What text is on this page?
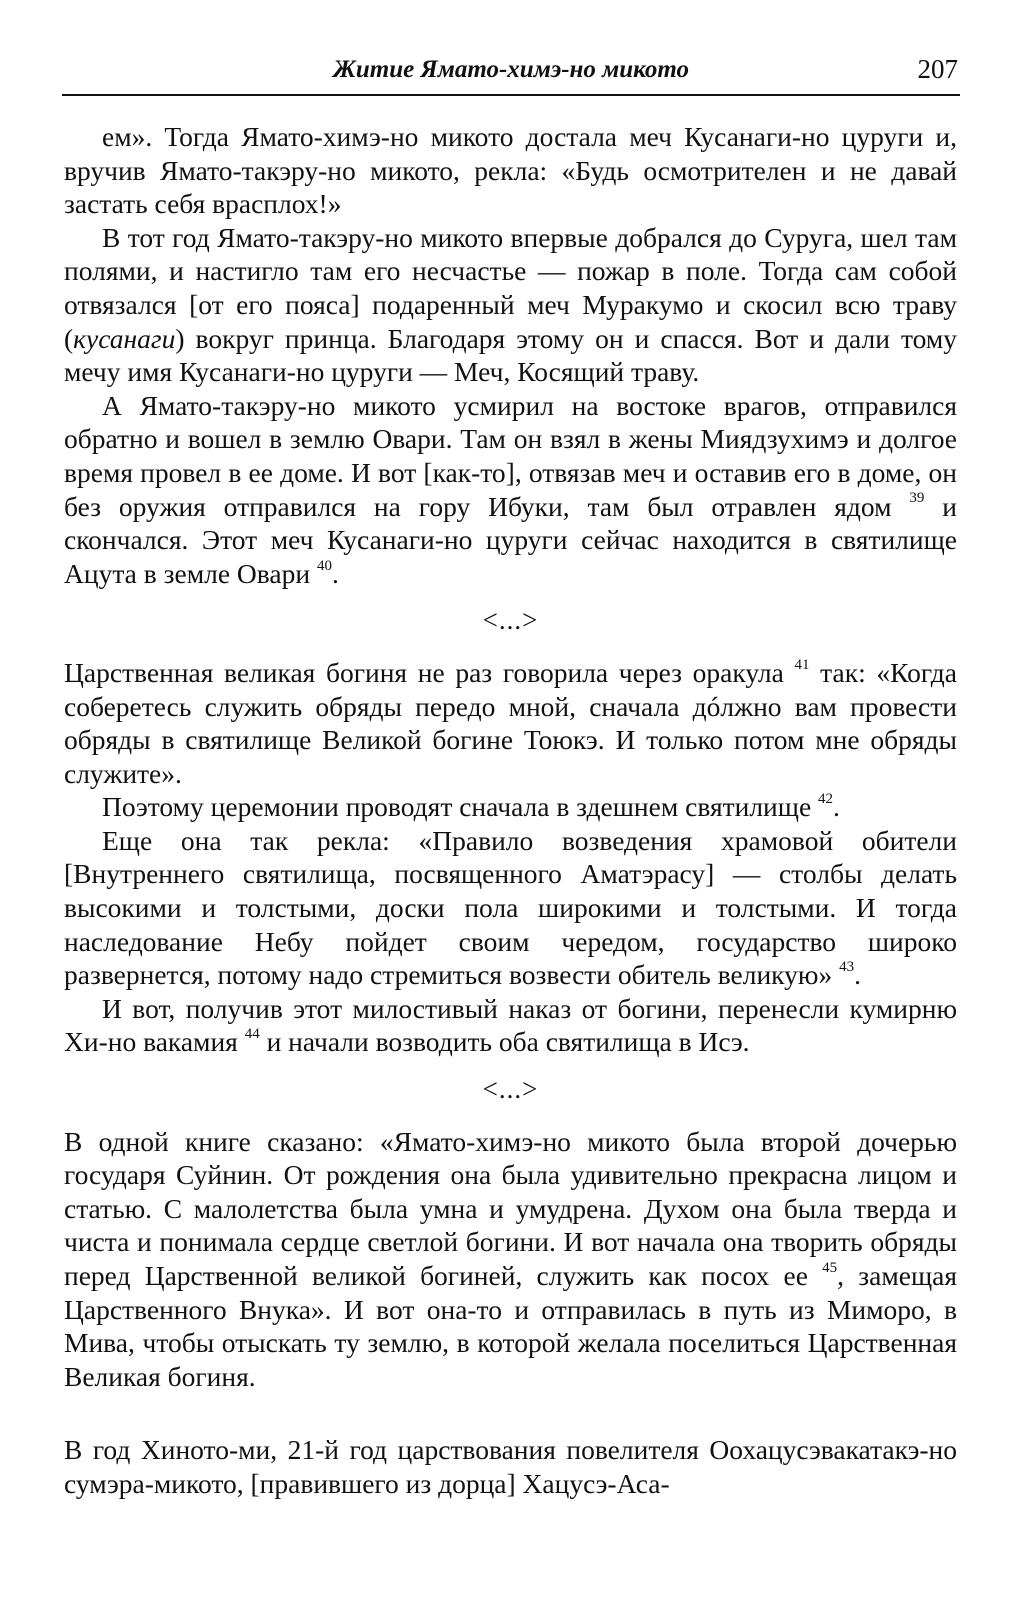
Житие Ямато-химэ-но микото	207

ем». Тогда Ямато-химэ-но микото достала меч Кусанаги-но цуруги и, вручив Ямато-такэру-но микото, рекла: «Будь осмотрителен и не давай застать себя врасплох!»

В тот год Ямато-такэру-но микото впервые добрался до Суруга, шел там полями, и настигло там его несчастье — пожар в поле. Тогда сам собой отвязался [от его пояса] подаренный меч Муракумо и скосил всю траву (кусанаги) вокруг принца. Благодаря этому он и спасся. Вот и дали тому мечу имя Кусанаги-но цуруги — Меч, Косящий траву.

А Ямато-такэру-но микото усмирил на востоке врагов, отправился обратно и вошел в землю Овари. Там он взял в жены Миядзухимэ и долгое время провел в ее доме. И вот [как-то], отвязав меч и оставив его в доме, он без оружия отправился на гору Ибуки, там был отравлен ядом $^{39}$ и скончался. Этот меч Кусанаги-но цуруги сейчас находится в святилище Ацута в земле Овари $^{40}$.

<...>

Царственная великая богиня не раз говорила через оракула $^{41}$ так: «Когда соберетесь служить обряды передо мной, сначала дóлжно вам провести обряды в святилище Великой богине Тоюкэ. И только потом мне обряды служите».

Поэтому церемонии проводят сначала в здешнем святилище $^{42}$.

Еще она так рекла: «Правило возведения храмовой обители [Внутреннего святилища, посвященного Аматэрасу] — столбы делать высокими и толстыми, доски пола широкими и толстыми. И тогда наследование Небу пойдет своим чередом, государство широко развернется, потому надо стремиться возвести обитель великую» $^{43}$.

И вот, получив этот милостивый наказ от богини, перенесли кумирню Хи-но вакамия $^{44}$ и начали возводить оба святилища в Исэ.

<...>

В одной книге сказано: «Ямато-химэ-но микото была второй дочерью государя Суйнин. От рождения она была удивительно прекрасна лицом и статью. С малолетства была умна и умудрена. Духом она была тверда и чиста и понимала сердце светлой богини. И вот начала она творить обряды перед Царственной великой богиней, служить как посох ее $^{45}$, замещая Царственного Внука». И вот она-то и отправилась в путь из Миморо, в Мива, чтобы отыскать ту землю, в которой желала поселиться Царственная Великая богиня.

В год Хиното-ми, 21-й год царствования повелителя Оохацусэвакатакэ-но сумэра-микото, [правившего из дорца] Хацусэ-Аса-
